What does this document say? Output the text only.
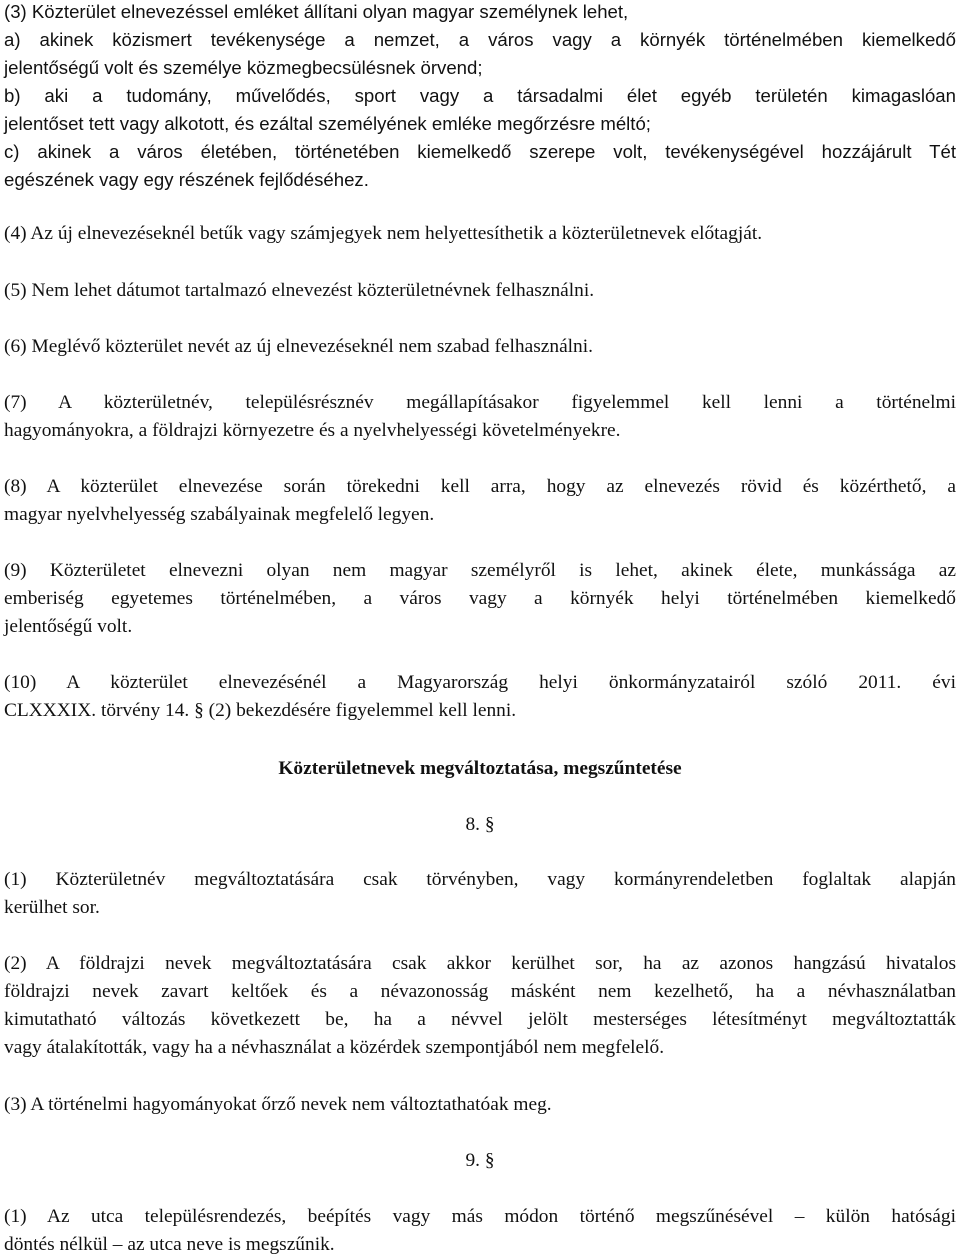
(3) Közterület elnevezéssel emléket állítani olyan magyar személynek lehet,
a) akinek közismert tevékenysége a nemzet, a város vagy a környék történelmében kiemelkedő
jelentőségű volt és személye közmegbecsülésnek örvend;
b) aki a tudomány, művelődés, sport vagy a társadalmi élet egyéb területén kimagaslóan
jelentőset tett vagy alkotott, és ezáltal személyének emléke megőrzésre méltó;
c) akinek a város életében, történetében kiemelkedő szerepe volt, tevékenységével hozzájárult Tét
egészének vagy egy részének fejlődéséhez.
(4) Az új elnevezéseknél betűk vagy számjegyek nem helyettesíthetik a közterületnevek előtagját.
(5) Nem lehet dátumot tartalmazó elnevezést közterületnévnek felhasználni.
(6) Meglévő közterület nevét az új elnevezéseknél nem szabad felhasználni.
(7) A közterületnév, településrésznév megállapításakor figyelemmel kell lenni a történelmi
hagyományokra, a földrajzi környezetre és a nyelvhelyességi követelményekre.
(8) A közterület elnevezése során törekedni kell arra, hogy az elnevezés rövid és közérthető, a
magyar nyelvhelyesség szabályainak megfelelő legyen.
(9) Közterületet elnevezni olyan nem magyar személyről is lehet, akinek élete, munkássága az
emberiség egyetemes történelmében, a város vagy a környék helyi történelmében kiemelkedő
jelentőségű volt.
(10) A közterület elnevezésénél a Magyarország helyi önkormányzatairól szóló 2011. évi
CLXXXIX. törvény 14. § (2) bekezdésére figyelemmel kell lenni.
Közterületnevek megváltoztatása, megszűntetése
8. §
(1) Közterületnév megváltoztatására csak törvényben, vagy kormányrendeletben foglaltak alapján
kerülhet sor.
(2) A földrajzi nevek megváltoztatására csak akkor kerülhet sor, ha az azonos hangzású hivatalos
földrajzi nevek zavart keltőek és a névazonosság másként nem kezelhető, ha a névhasználatban
kimutatható változás következett be, ha a névvel jelölt mesterséges létesítményt megváltoztatták
vagy átalakították, vagy ha a névhasználat a közérdek szempontjából nem megfelelő.
(3) A történelmi hagyományokat őrző nevek nem változtathatóak meg.
9. §
(1) Az utca településrendezés, beépítés vagy más módon történő megszűnésével – külön hatósági
döntés nélkül – az utca neve is megszűnik.
